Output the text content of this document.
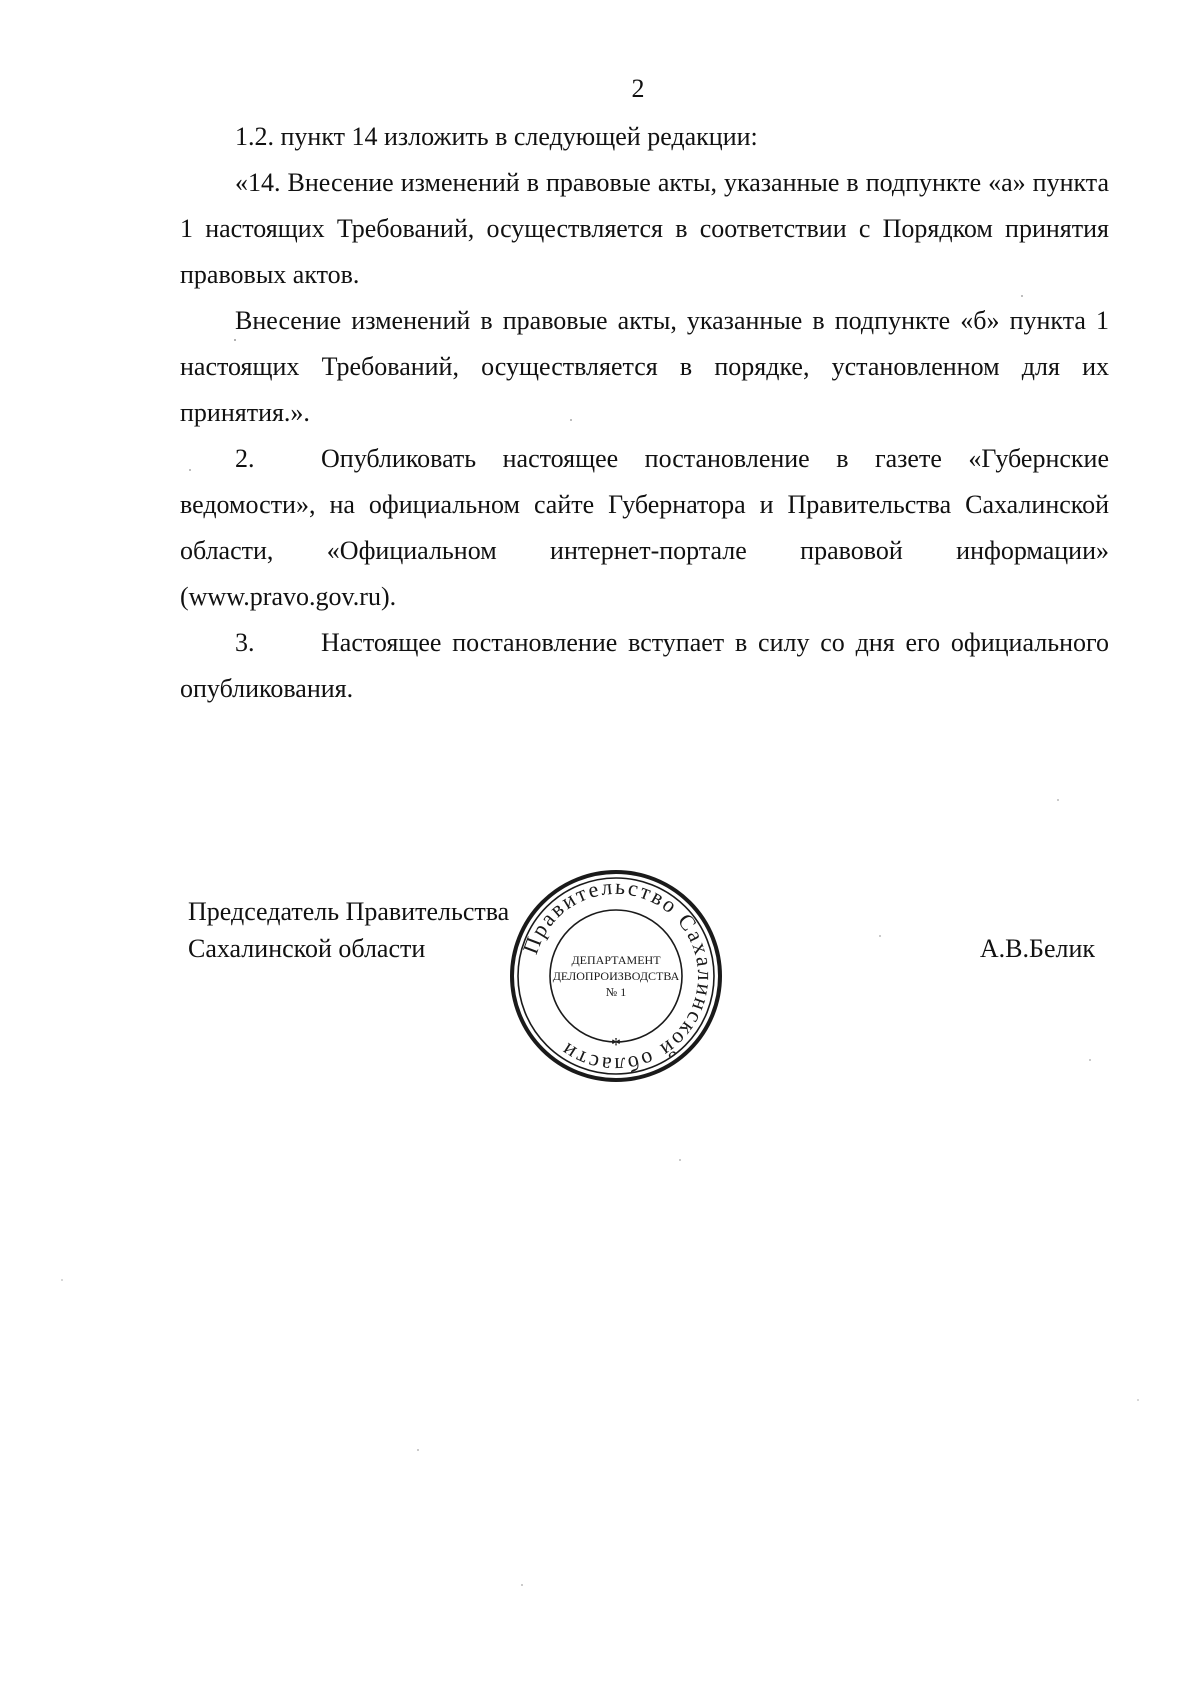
2

1.2. пункт 14 изложить в следующей редакции:

«14. Внесение изменений в правовые акты, указанные в подпункте «а» пункта 1 настоящих Требований, осуществляется в соответствии с Порядком принятия правовых актов.

Внесение изменений в правовые акты, указанные в подпункте «б» пункта 1 настоящих Требований, осуществляется в порядке, установленном для их принятия.».

2.	Опубликовать настоящее постановление в газете «Губернские ведомости», на официальном сайте Губернатора и Правительства Сахалинской области, «Официальном интернет-портале правовой информации» (www.pravo.gov.ru).

3.	Настоящее постановление вступает в силу со дня его официального опубликования.

Председатель Правительства
Сахалинской области	А.В.Белик
Правительство Сахалинской области	*
ДЕПАРТАМЕНТ
ДЕЛОПРОИЗВОДСТВА
№ 1
